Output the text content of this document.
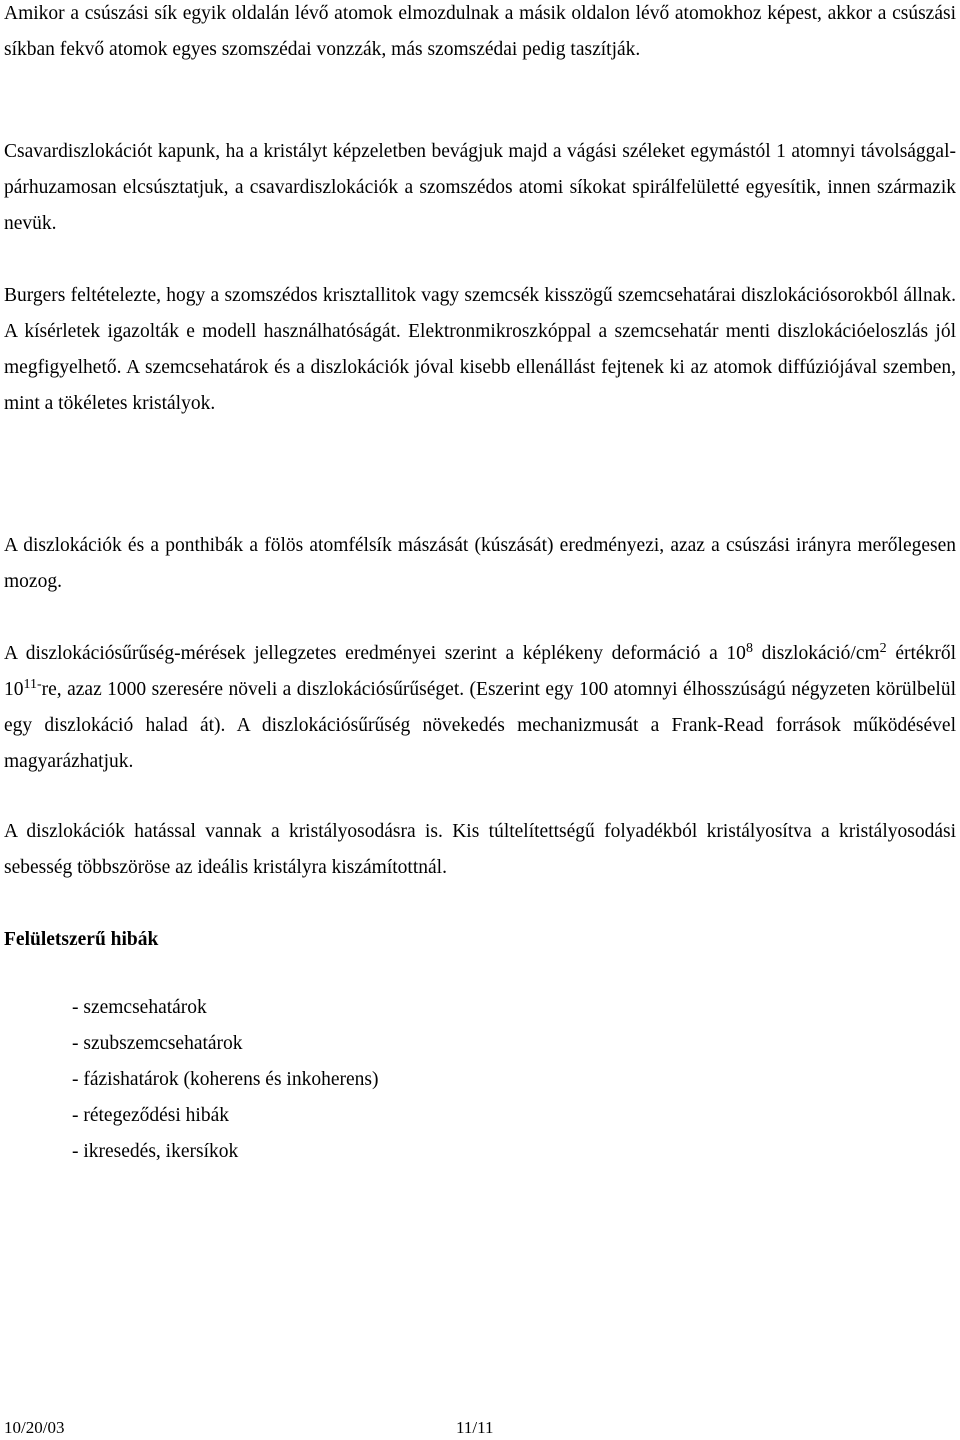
Amikor a csúszási sík egyik oldalán lévő atomok elmozdulnak a másik oldalon lévő atomokhoz képest, akkor a csúszási síkban fekvő atomok egyes szomszédai vonzzák, más szomszédai pedig taszítják.

Csavardiszlokációt kapunk, ha a kristályt képzeletben bevágjuk majd a vágási széleket egymástól 1 atomnyi távolsággal-párhuzamosan elcsúsztatjuk, a csavardiszlokációk a szomszédos atomi síkokat spirálfelületté egyesítik, innen származik nevük.

Burgers feltételezte, hogy a szomszédos krisztallitok vagy szemcsék kisszögű szemcsehatárai diszlokációsorokból állnak. A kísérletek igazolták e modell használhatóságát. Elektronmikroszkóppal a szemcsehatár menti diszlokációeloszlás jól megfigyelhető. A szemcsehatárok és a diszlokációk jóval kisebb ellenállást fejtenek ki az atomok diffúziójával szemben, mint a tökéletes kristályok.

A diszlokációk és a ponthibák a fölös atomfélsík mászását (kúszását) eredményezi, azaz a csúszási irányra merőlegesen mozog.

A diszlokációsűrűség-mérések jellegzetes eredményei szerint a képlékeny deformáció a $10^8$ diszlokáció/$cm^2$ értékről $10^{11-}re$, azaz 1000 szeresére növeli a diszlokációsűrűséget. (Eszerint egy 100 atomnyi élhosszúságú négyzeten körülbelül egy diszlokáció halad át). A diszlokációsűrűség növekedés mechanizmusát a Frank-Read források működésével magyarázhatjuk.

A diszlokációk hatással vannak a kristályosodásra is. Kis túltelítettségű folyadékból kristályosítva a kristályosodási sebesség többszöröse az ideális kristályra kiszámítottnál.

Felületszerű hibák
- szemcsehatárok
- szubszemcsehatárok
- fázishatárok (koherens és inkoherens)
- rétegeződési hibák
- ikresedés, ikersíkok
10/20/03	11/11
